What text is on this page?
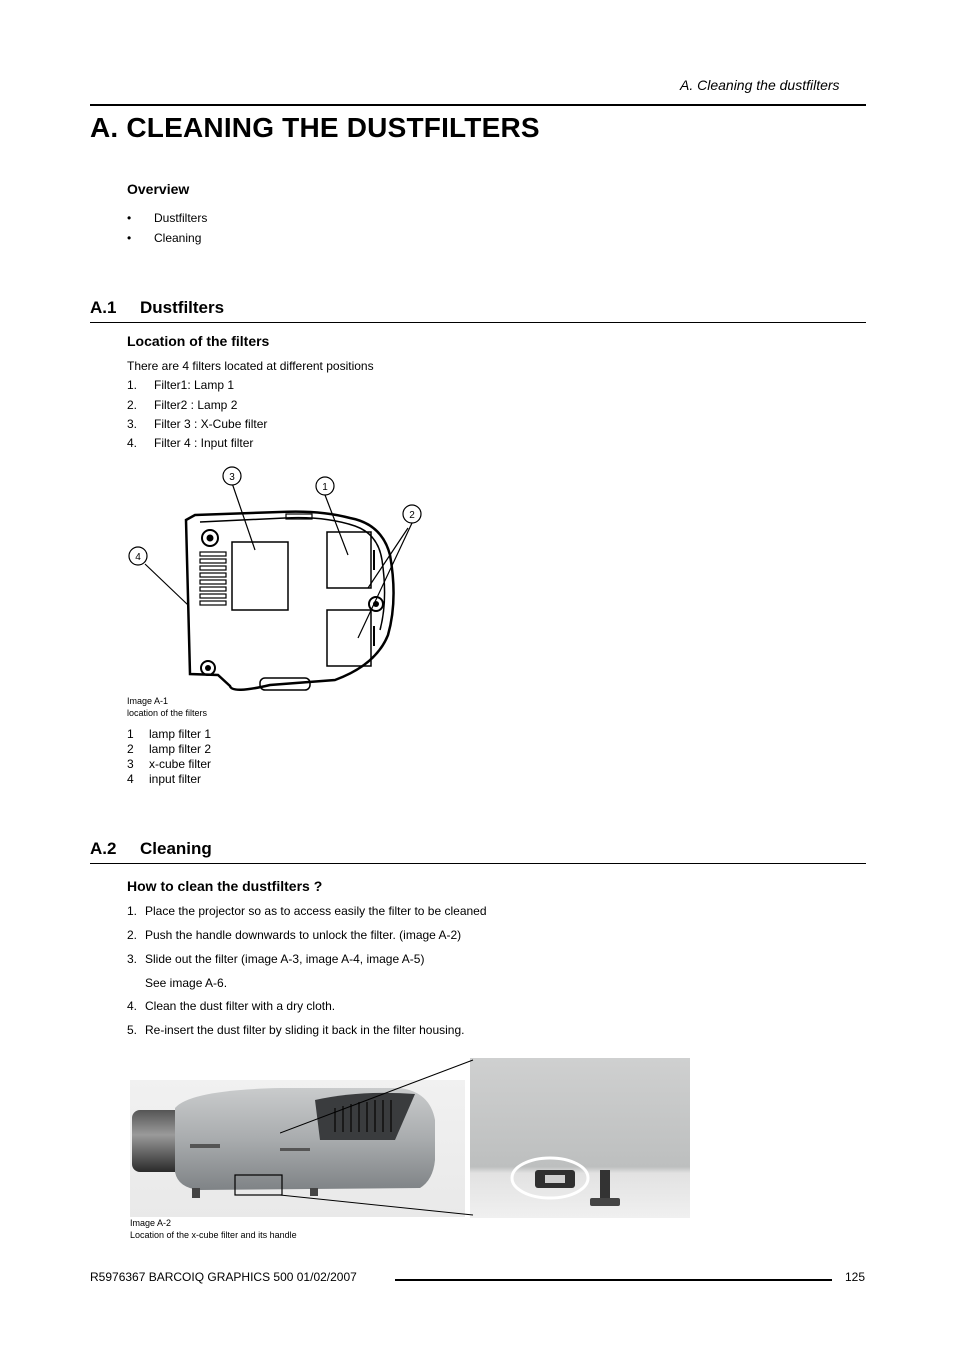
A. Cleaning the dustfilters
A. CLEANING THE DUSTFILTERS
Overview
• Dustfilters
• Cleaning
A.1 Dustfilters
Location of the filters
There are 4 filters located at different positions
1. Filter1: Lamp 1
2. Filter2 : Lamp 2
3. Filter 3 : X-Cube filter
4. Filter 4 : Input filter
3
1
2
4
Image A-1
location of the filters
1 lamp filter 1
2 lamp filter 2
3 x-cube filter
4 input filter
A.2 Cleaning
How to clean the dustfilters ?
1. Place the projector so as to access easily the filter to be cleaned
2. Push the handle downwards to unlock the filter. (image A-2)
3. Slide out the filter (image A-3, image A-4, image A-5)
See image A-6.
4. Clean the dust filter with a dry cloth.
5. Re-insert the dust filter by sliding it back in the filter housing.
Image A-2
Location of the x-cube filter and its handle
R5976367 BARCOIQ GRAPHICS 500 01/02/2007	125
